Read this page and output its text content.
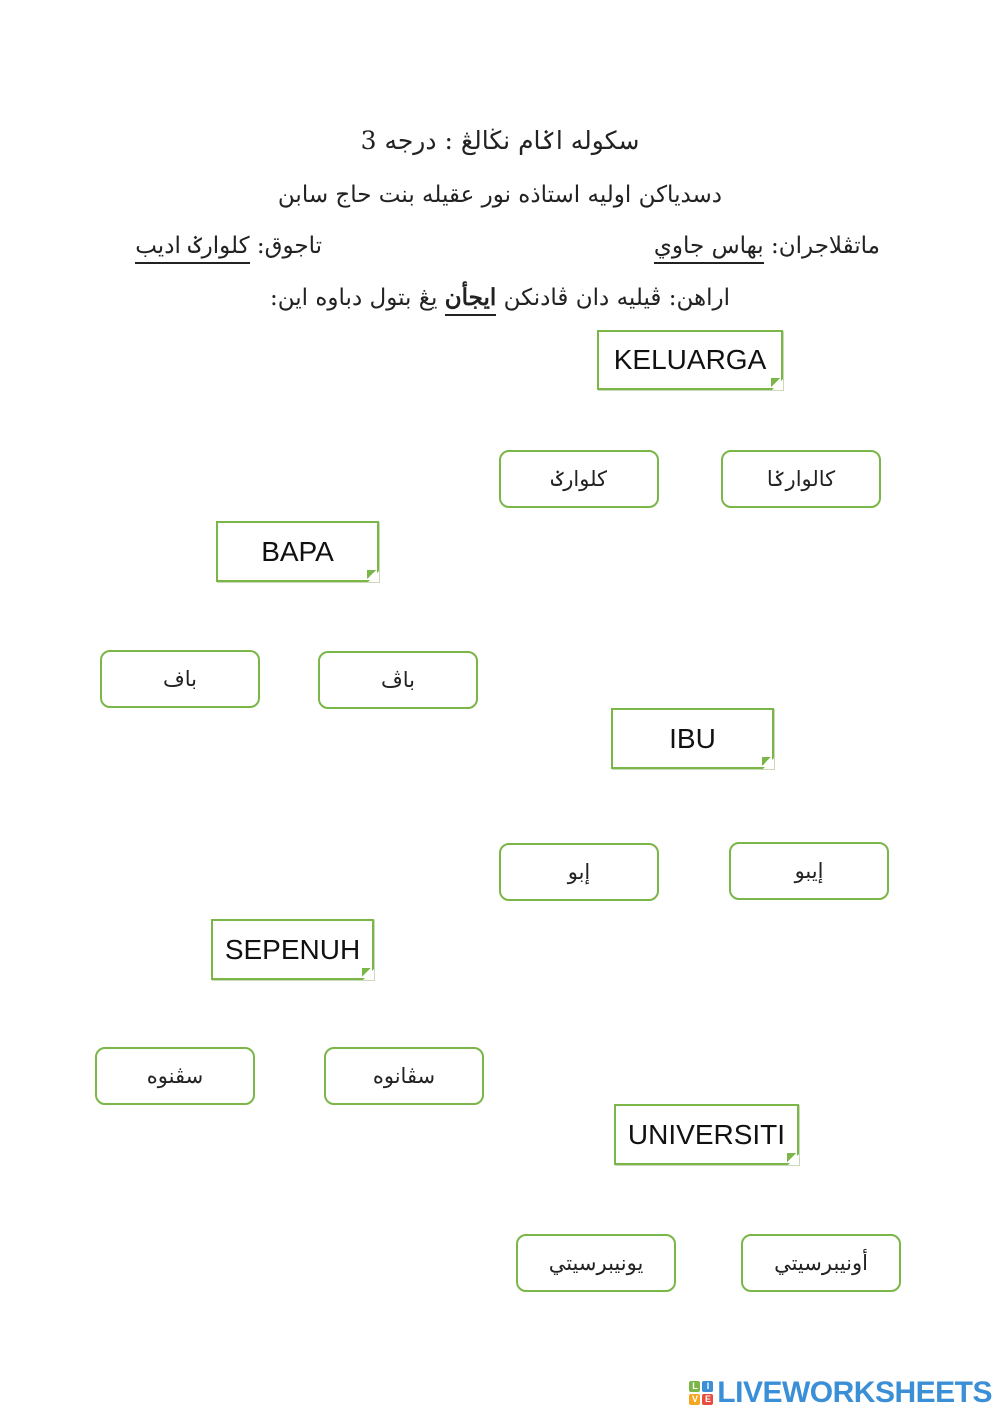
سكوله اݢام نڬالڠ : درجه 3
دسدياكن اوليه استاذه نور عقيله بنت حاج سابن
ماتڤلاجران: بهاس جاوي
تاجوق: كلوارݢ اديب
اراهن: ڤيليه دان ڤادنكن ايجأن يڠ بتول دباوه اين:
KELUARGA
كلوارݢ	كالوارݢا
BAPA
باف	باڤ
IBU
إبو	إيبو
SEPENUH
سڤنوه	سڤانوه
UNIVERSITI
يونيبرسيتي	أونيبرسيتي
L	I
V E LIVEWORKSHEETS
